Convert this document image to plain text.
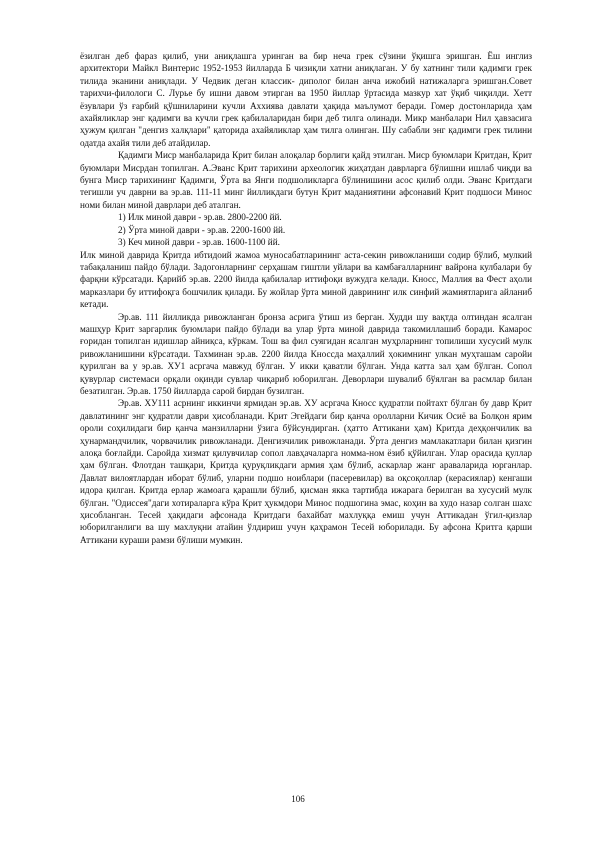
ёзилган деб фараз қилиб, уни аниқлашга уринган ва бир неча грек сўзини ўқишга эришган. Ёш инглиз архитектори Майкл Винтерис 1952-1953 йилларда Б чизиқли хатни аниқлаган. У бу хатнинг тили қадимги грек тилида эканини аниқлади. У Чедвик деган классик- диполог билан анча ижобий натижаларга эришган.Совет тарихчи-филологи С. Лурье бу ишни давом этирган ва 1950 йиллар ўртасида мазкур хат ўқиб чиқилди. Хетт ёзувлари ўз ғарбий қўшниларини кучли Аххиява давлати ҳақида маълумот беради. Гомер достонларида ҳам ахайяликлар энг қадимги ва кучли грек қабилаларидан бири деб тилга олинади. Микр манбалари Нил ҳавзасига ҳужум қилган "денгиз халқлари" қаторида ахайяликлар ҳам тилга олинган. Шу сабабли энг қадимги грек тилини одатда ахайя тили деб атайдилар.

Қадимги Миср манбаларида Крит билан алоқалар борлиги қайд этилган. Миср буюмлари Критдан, Крит буюмлари Мисрдан топилган. А.Эванс Крит тарихини археологик жиҳатдан даврларга бўлишни ишлаб чиқди ва бунга Миср тарихининг Қадимги, Ўрта ва Янги подшоликларга бўлинишини асос қилиб олди. Эванс Критдаги тегишли уч даврни ва эр.ав. 111-11 минг йилликдаги бутун Крит маданиятини афсонавий Крит подшоси Минос номи билан миной даврлари деб аталган.

1) Илк миной даври - эр.ав. 2800-2200 йй.

2) Ўрта миной даври - эр.ав. 2200-1600 йй.

3) Кеч миной даври - эр.ав. 1600-1100 йй.

Илк миной даврида Критда ибтидоий жамоа муносабатларининг аста-секин ривожланиши содир бўлиб, мулкий табақаланиш пайдо бўлади. Задогонларнинг серҳашам гиштли уйлари ва камбағалларнинг вайрона кулбалари бу фарқни кўрсатади. Қарийб эр.ав. 2200 йилда қабилалар иттифоқи вужудга келади. Кносс, Маллия ва Фест аҳоли марказлари бу иттифоқга бошчилик қилади. Бу жойлар ўрта миной даврининг илк синфий жамиятларига айланиб кетади.

Эр.ав. 111 йилликда ривожланган бронза асрига ўтиш из берган. Худди шу вақтда олтиндан ясалган машҳур Крит заргарлик буюмлари пайдо бўлади ва улар ўрта миной даврида такомиллашиб боради. Камарос ғоридан топилган идишлар айниқса, кўркам. Тош ва фил суягидан ясалган муҳрларнинг топилиши хусусий мулк ривожланишини кўрсатади. Тахминан эр.ав. 2200 йилда Кноссда маҳаллий ҳокимнинг улкан муҳташам саройи қурилган ва у эр.ав. ХУ1 асргача мавжуд бўлган. У икки қаватли бўлган. Унда катта зал ҳам бўлган. Сопол қувурлар системаси орқали оқинди сувлар чиқариб юборилган. Деворлари шувалиб бўялган ва расмлар билан безатилган. Эр.ав. 1750 йилларда сарой бирдан бузилган.

Эр.ав. ХУ111 асрнинг иккинчи ярмидан эр.ав. ХУ асргача Кносс қудратли пойтахт бўлган бу давр Крит давлатининг энг қудратли даври ҳисобланади. Крит Эгейдаги бир қанча оролларни Кичик Осиё ва Болқон ярим ороли соҳилидаги бир қанча манзилларни ўзига бўйсундирган. (ҳатто Аттикани ҳам) Критда деҳқончилик ва ҳунармандчилик, чорвачилик ривожланади. Денгизчилик ривожланади. Ўрта денгиз мамлакатлари билан қизгин алоқа боғлайди. Саройда хизмат қилувчилар сопол лавҳачаларга номма-ном ёзиб қўйилган. Улар орасида қуллар ҳам бўлган. Флотдан ташқари, Критда қуруқликдаги армия ҳам бўлиб, аскарлар жанг араваларида юрганлар. Давлат вилоятлардан иборат бўлиб, уларни подшо ноиблари (пасеревилар) ва оқсоқоллар (керасиялар) кенгаши идора қилган. Критда ерлар жамоага қарашли бўлиб, қисман якка тартибда ижарага берилган ва хусусий мулк бўлган. "Одиссея"даги хотираларга кўра Крит ҳукмдори Минос подшогина эмас, коҳин ва худо назар солган шахс ҳисобланган. Тесей ҳақидаги афсонада Критдаги бахайбат махлуққа емиш учун Аттикадан ўгил-қизлар юборилганлиги ва шу махлуқни атайин ўлдириш учун қаҳрамон Тесей юборилади. Бу афсона Критга қарши Аттикани кураши рамзи бўлиши мумкин.

106
